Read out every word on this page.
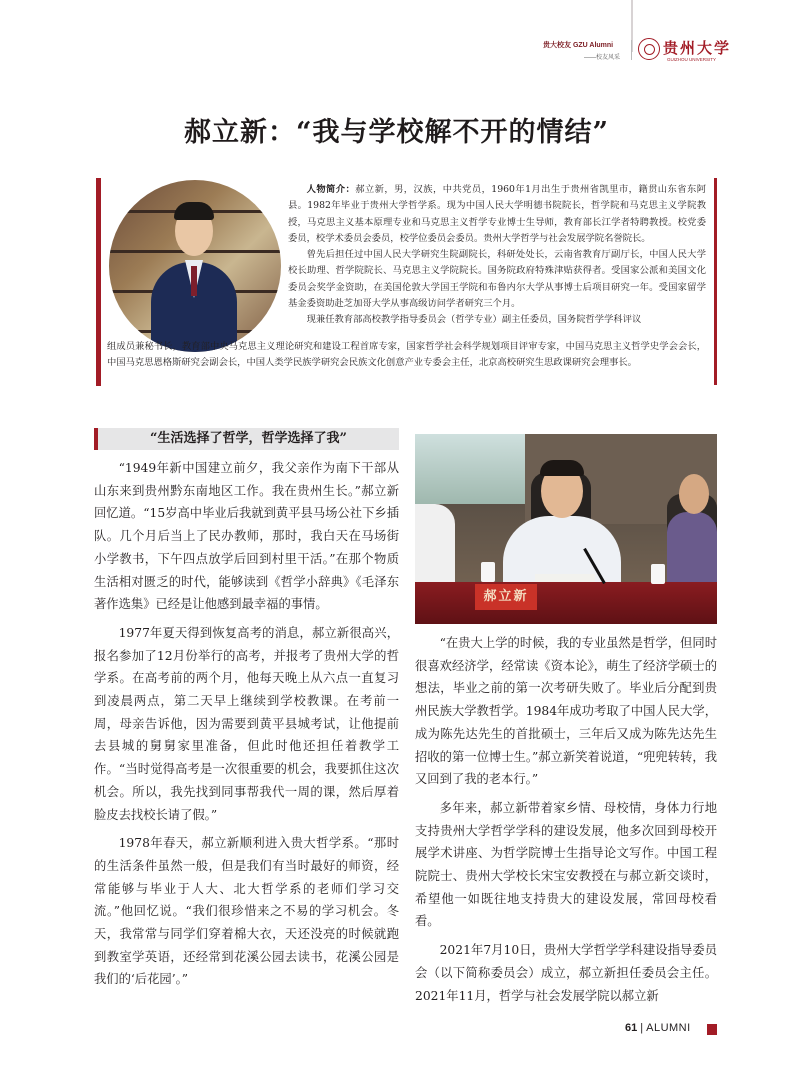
贵大校友 GZU Alumni
——校友风采
贵州大学
GUIZHOU UNIVERSITY
郝立新：“我与学校解不开的情结”

人物简介：郝立新，男，汉族，中共党员，1960年1月出生于贵州省凯里市，籍贯山东省东阿县。1982年毕业于贵州大学哲学系。现为中国人民大学明德书院院长，哲学院和马克思主义学院教授，马克思主义基本原理专业和马克思主义哲学专业博士生导师，教育部长江学者特聘教授。校党委委员，校学术委员会委员，校学位委员会委员。贵州大学哲学与社会发展学院名誉院长。

曾先后担任过中国人民大学研究生院副院长，科研处处长，云南省教育厅副厅长，中国人民大学校长助理、哲学院院长、马克思主义学院院长。国务院政府特殊津贴获得者。受国家公派和美国文化委员会奖学金资助，在美国伦敦大学国王学院和布鲁内尔大学从事博士后项目研究一年。受国家留学基金委资助赴芝加哥大学从事高级访问学者研究三个月。

现兼任教育部高校教学指导委员会（哲学专业）副主任委员，国务院哲学学科评议

组成员兼秘书长，教育部中央马克思主义理论研究和建设工程首席专家，国家哲学社会科学规划项目评审专家，中国马克思主义哲学史学会会长，中国马克思恩格斯研究会副会长，中国人类学民族学研究会民族文化创意产业专委会主任，北京高校研究生思政课研究会理事长。

“生活选择了哲学，哲学选择了我”

“1949年新中国建立前夕，我父亲作为南下干部从山东来到贵州黔东南地区工作。我在贵州生长。”郝立新回忆道。“15岁高中毕业后我就到黄平县马场公社下乡插队。几个月后当上了民办教师，那时，我白天在马场街小学教书，下午四点放学后回到村里干活。”在那个物质生活相对匮乏的时代，能够读到《哲学小辞典》《毛泽东著作选集》已经是让他感到最幸福的事情。

1977年夏天得到恢复高考的消息，郝立新很高兴，报名参加了12月份举行的高考，并报考了贵州大学的哲学系。在高考前的两个月，他每天晚上从六点一直复习到凌晨两点，第二天早上继续到学校教课。在考前一周，母亲告诉他，因为需要到黄平县城考试，让他提前去县城的舅舅家里准备，但此时他还担任着教学工作。“当时觉得高考是一次很重要的机会，我要抓住这次机会。所以，我先找到同事帮我代一周的课，然后厚着脸皮去找校长请了假。”

1978年春天，郝立新顺利进入贵大哲学系。“那时的生活条件虽然一般，但是我们有当时最好的师资，经常能够与毕业于人大、北大哲学系的老师们学习交流。”他回忆说。“我们很珍惜来之不易的学习机会。冬天，我常常与同学们穿着棉大衣，天还没亮的时候就跑到教室学英语，还经常到花溪公园去读书，花溪公园是我们的‘后花园’。”

郝立新

“在贵大上学的时候，我的专业虽然是哲学，但同时很喜欢经济学，经常读《资本论》，萌生了经济学硕士的想法，毕业之前的第一次考研失败了。毕业后分配到贵州民族大学教哲学。1984年成功考取了中国人民大学，成为陈先达先生的首批硕士，三年后又成为陈先达先生招收的第一位博士生。”郝立新笑着说道，“兜兜转转，我又回到了我的老本行。”

多年来，郝立新带着家乡情、母校情，身体力行地支持贵州大学哲学学科的建设发展，他多次回到母校开展学术讲座、为哲学院博士生指导论文写作。中国工程院院士、贵州大学校长宋宝安教授在与郝立新交谈时，希望他一如既往地支持贵大的建设发展，常回母校看看。

2021年7月10日，贵州大学哲学学科建设指导委员会（以下简称委员会）成立，郝立新担任委员会主任。2021年11月，哲学与社会发展学院以郝立新

61 | ALUMNI
